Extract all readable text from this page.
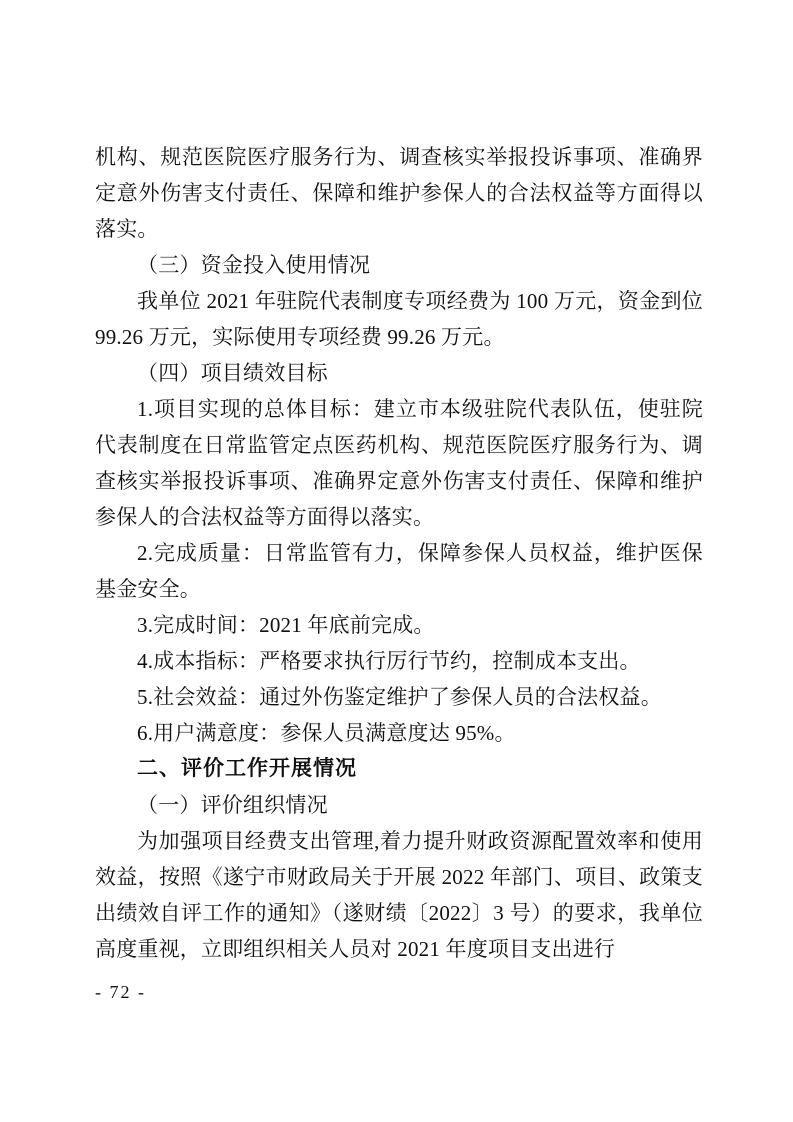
机构、规范医院医疗服务行为、调查核实举报投诉事项、准确界定意外伤害支付责任、保障和维护参保人的合法权益等方面得以落实。

（三）资金投入使用情况

我单位 2021 年驻院代表制度专项经费为 100 万元，资金到位 99.26 万元，实际使用专项经费 99.26 万元。

（四）项目绩效目标

1.项目实现的总体目标：建立市本级驻院代表队伍，使驻院代表制度在日常监管定点医药机构、规范医院医疗服务行为、调查核实举报投诉事项、准确界定意外伤害支付责任、保障和维护参保人的合法权益等方面得以落实。

2.完成质量：日常监管有力，保障参保人员权益，维护医保基金安全。

3.完成时间：2021 年底前完成。

4.成本指标：严格要求执行厉行节约，控制成本支出。

5.社会效益：通过外伤鉴定维护了参保人员的合法权益。

6.用户满意度：参保人员满意度达 95%。

二、评价工作开展情况

（一）评价组织情况

为加强项目经费支出管理,着力提升财政资源配置效率和使用效益，按照《遂宁市财政局关于开展 2022 年部门、项目、政策支出绩效自评工作的通知》（遂财绩〔2022〕3 号）的要求，我单位高度重视，立即组织相关人员对 2021 年度项目支出进行

- 72 -
